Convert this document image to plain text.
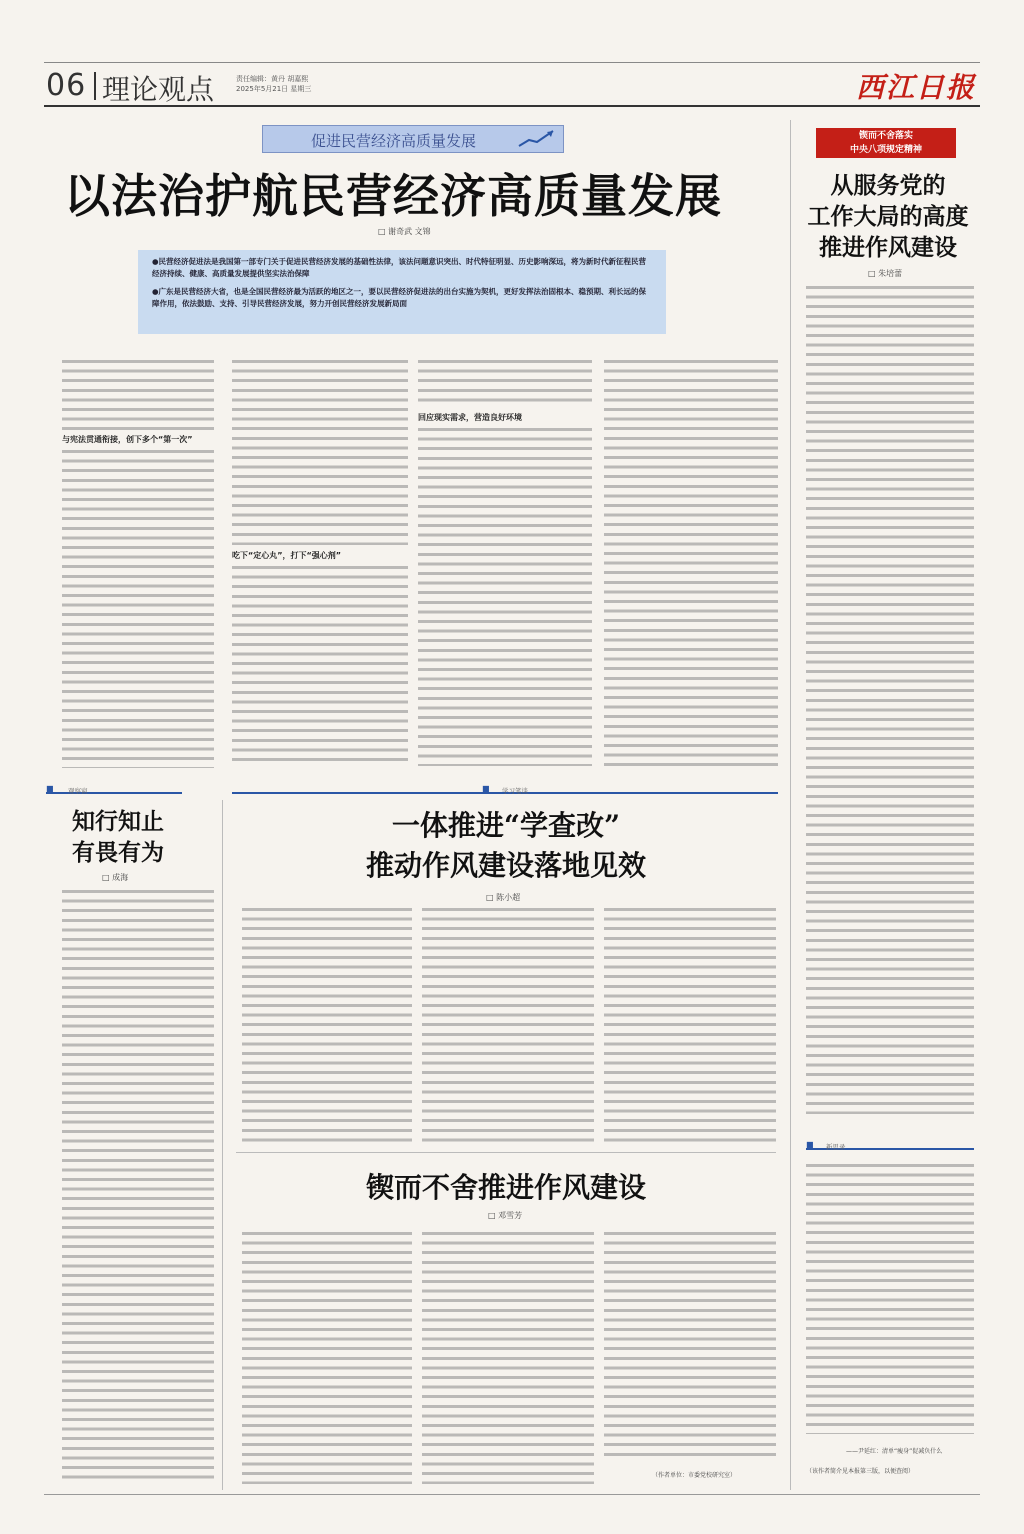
06 理论观点	责任编辑：黄丹 胡嘉熙
2025年5月21日 星期三	西江日报
促进民营经济高质量发展
以法治护航民营经济高质量发展
□ 谢奇武 文锦

●民营经济促进法是我国第一部专门关于促进民营经济发展的基础性法律，该法问题意识突出、时代特征明显、历史影响深远，将为新时代新征程民营经济持续、健康、高质量发展提供坚实法治保障

●广东是民营经济大省，也是全国民营经济最为活跃的地区之一，要以民营经济促进法的出台实施为契机，更好发挥法治固根本、稳预期、利长远的保障作用，依法鼓励、支持、引导民营经济发展，努力开创民营经济发展新局面

与宪法贯通衔接，创下多个“第一次”
吃下“定心丸”，打下“强心剂”
回应现实需求，营造良好环境
锲而不舍落实
中央八项规定精神
从服务党的
工作大局的高度
推进作风建设
□ 朱培蕾
■ 观察窗
知行知止
有畏有为
□ 成海
■ 学习笔谈
一体推进“学查改”
推动作风建设落地见效
□ 陈小超
锲而不舍推进作风建设
□ 邓雪芳
（作者单位：市委党校研究室）
■ 新思录
——尹延红：清单“瘦身”促减负什么
（该作者简介见本报第三版，以便查阅）
